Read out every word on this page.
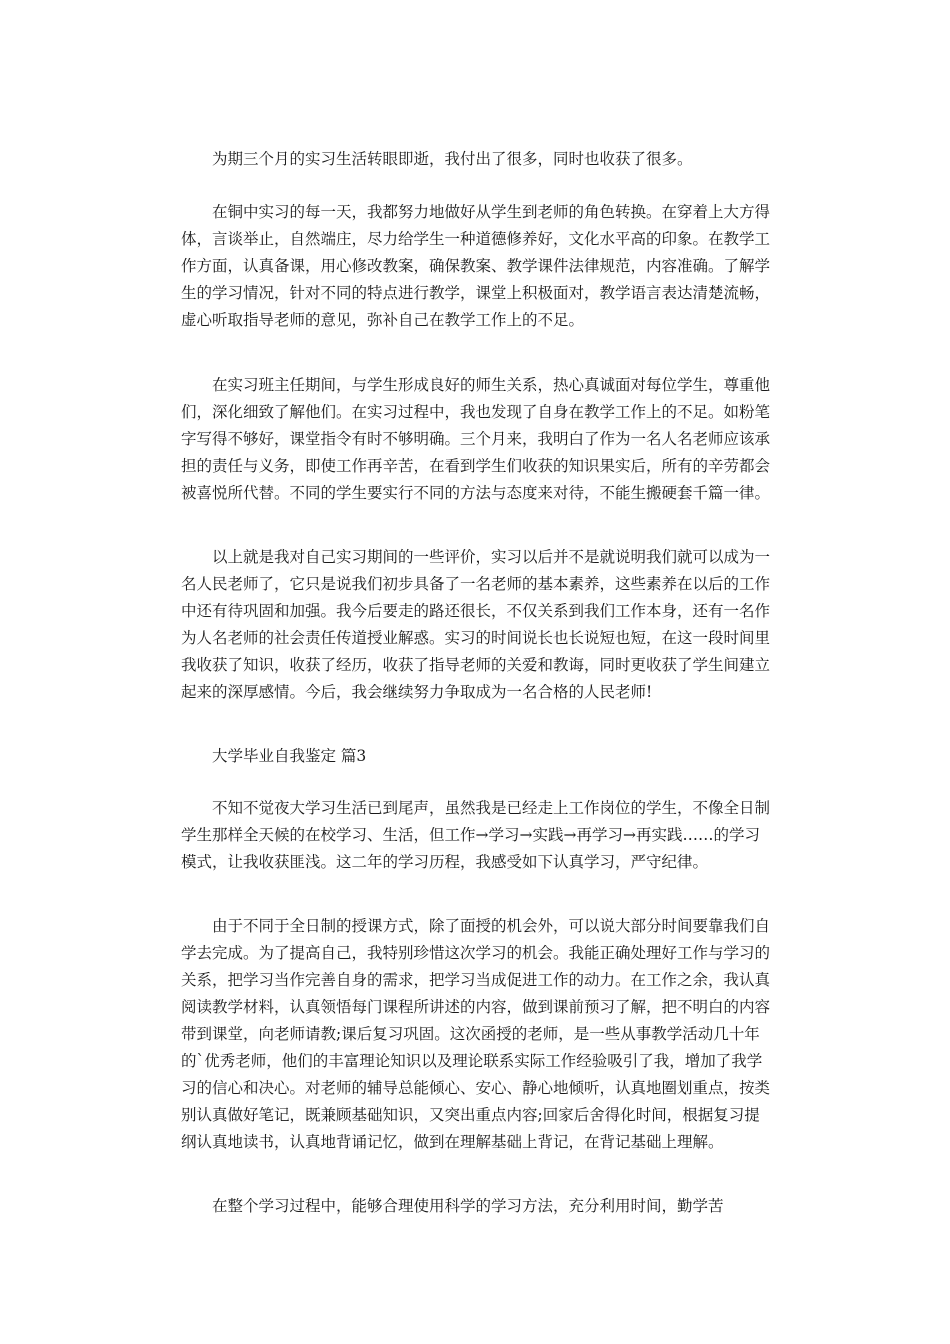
为期三个月的实习生活转眼即逝，我付出了很多，同时也收获了很多。

在铜中实习的每一天，我都努力地做好从学生到老师的角色转换。在穿着上大方得体，言谈举止，自然端庄，尽力给学生一种道德修养好，文化水平高的印象。在教学工作方面，认真备课，用心修改教案，确保教案、教学课件法律规范，内容准确。了解学生的学习情况，针对不同的特点进行教学，课堂上积极面对，教学语言表达清楚流畅，虚心听取指导老师的意见，弥补自己在教学工作上的不足。

在实习班主任期间，与学生形成良好的师生关系，热心真诚面对每位学生，尊重他们，深化细致了解他们。在实习过程中，我也发现了自身在教学工作上的不足。如粉笔字写得不够好，课堂指令有时不够明确。三个月来，我明白了作为一名人名老师应该承担的责任与义务，即使工作再辛苦，在看到学生们收获的知识果实后，所有的辛劳都会被喜悦所代替。不同的学生要实行不同的方法与态度来对待，不能生搬硬套千篇一律。

以上就是我对自己实习期间的一些评价，实习以后并不是就说明我们就可以成为一名人民老师了，它只是说我们初步具备了一名老师的基本素养，这些素养在以后的工作中还有待巩固和加强。我今后要走的路还很长，不仅关系到我们工作本身，还有一名作为人名老师的社会责任传道授业解惑。实习的时间说长也长说短也短，在这一段时间里我收获了知识，收获了经历，收获了指导老师的关爱和教诲，同时更收获了学生间建立起来的深厚感情。今后，我会继续努力争取成为一名合格的人民老师!

大学毕业自我鉴定 篇3

不知不觉夜大学习生活已到尾声，虽然我是已经走上工作岗位的学生，不像全日制学生那样全天候的在校学习、生活，但工作→学习→实践→再学习→再实践……的学习模式，让我收获匪浅。这二年的学习历程，我感受如下认真学习，严守纪律。

由于不同于全日制的授课方式，除了面授的机会外，可以说大部分时间要靠我们自学去完成。为了提高自己，我特别珍惜这次学习的机会。我能正确处理好工作与学习的关系，把学习当作完善自身的需求，把学习当成促进工作的动力。在工作之余，我认真阅读教学材料，认真领悟每门课程所讲述的内容，做到课前预习了解，把不明白的内容带到课堂，向老师请教;课后复习巩固。这次函授的老师，是一些从事教学活动几十年的`优秀老师，他们的丰富理论知识以及理论联系实际工作经验吸引了我，增加了我学习的信心和决心。对老师的辅导总能倾心、安心、静心地倾听，认真地圈划重点，按类别认真做好笔记，既兼顾基础知识，又突出重点内容;回家后舍得化时间，根据复习提纲认真地读书，认真地背诵记忆，做到在理解基础上背记，在背记基础上理解。

在整个学习过程中，能够合理使用科学的学习方法，充分利用时间，勤学苦
